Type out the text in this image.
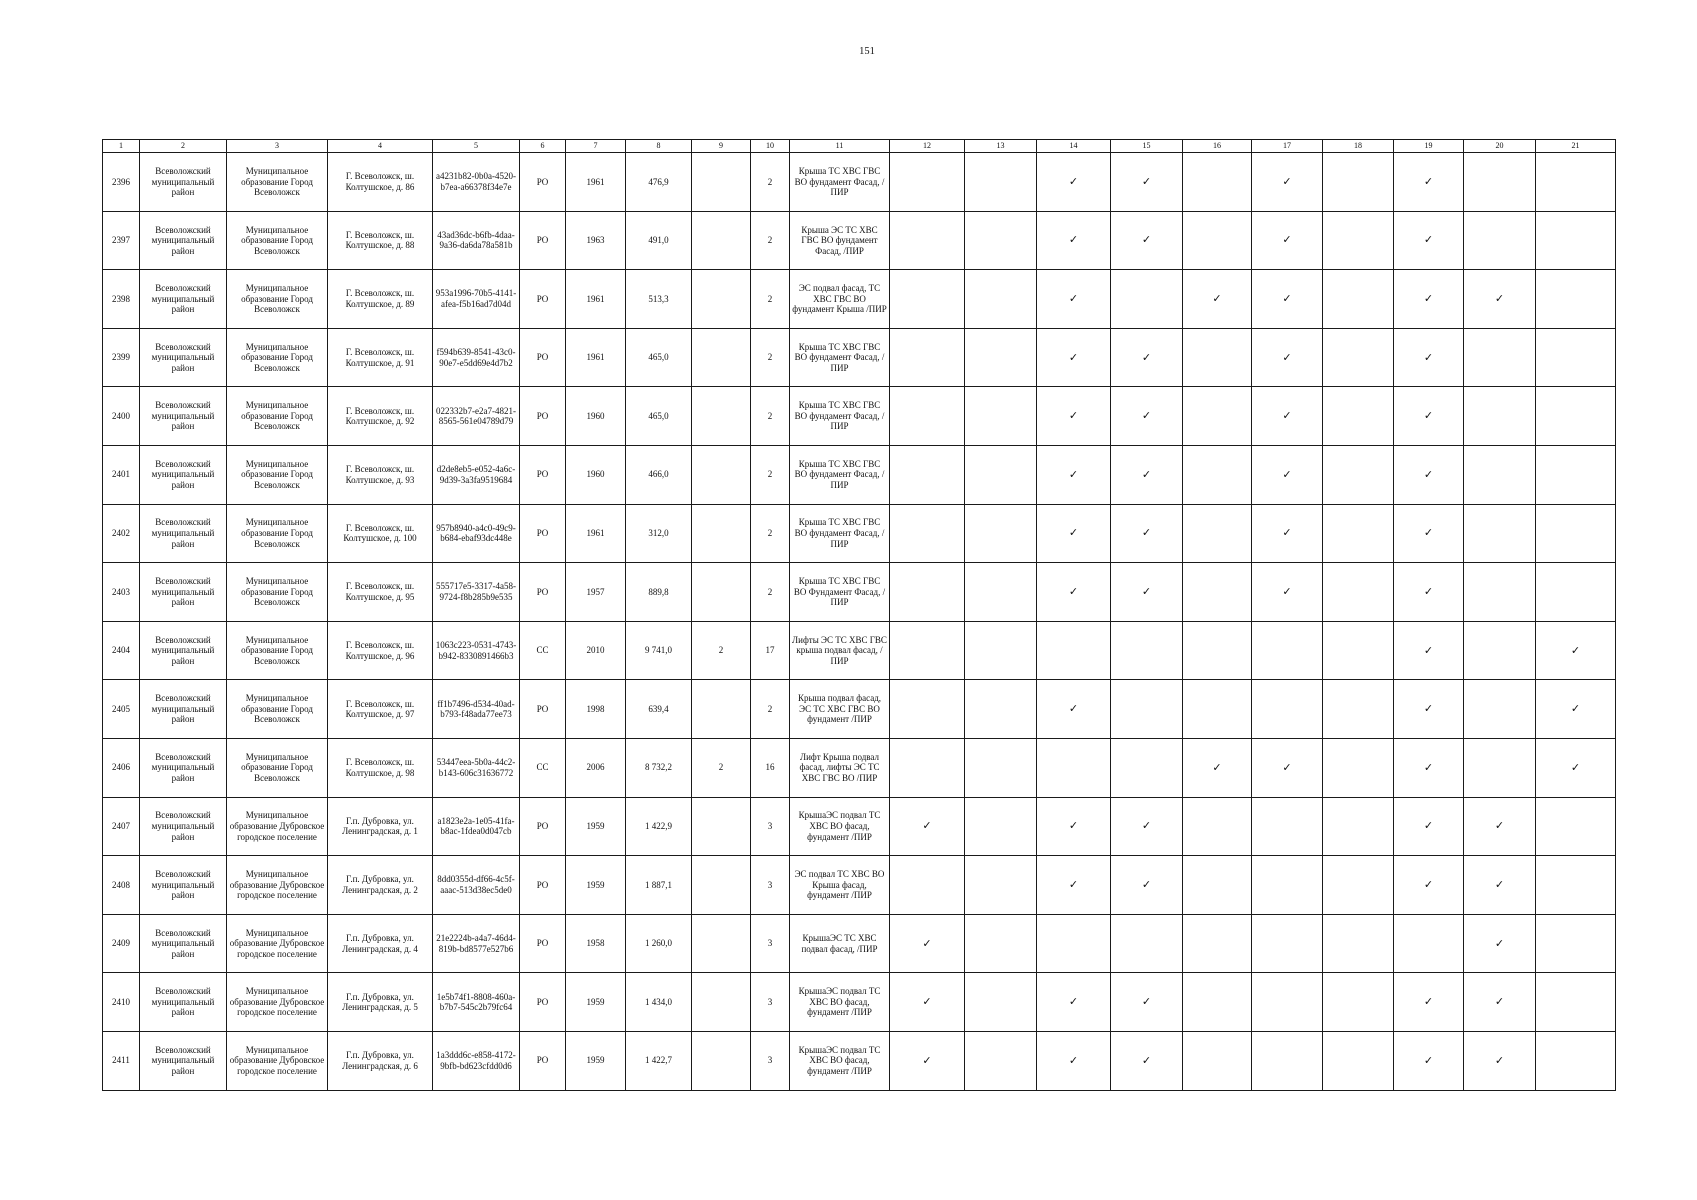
151
1	2	3	4	5	6	7	8	9	10	11	12	13	14	15	16	17	18	19	20	21
2396	Всеволожский муниципальный район	Муниципальное образование Город Всеволожск	Г. Всеволожск, ш. Колтушское, д. 86	a4231b82-0b0a-4520-b7ea-a66378f34e7e	РО	1961	476,9		2	Крыша ТС ХВС ГВС ВО фундамент Фасад, /ПИР			✓	✓		✓		✓		
2397	Всеволожский муниципальный район	Муниципальное образование Город Всеволожск	Г. Всеволожск, ш. Колтушское, д. 88	43ad36dc-b6fb-4daa-9a36-da6da78a581b	РО	1963	491,0		2	Крыша ЭС ТС ХВС ГВС ВО фундамент Фасад, /ПИР			✓	✓		✓		✓		
2398	Всеволожский муниципальный район	Муниципальное образование Город Всеволожск	Г. Всеволожск, ш. Колтушское, д. 89	953a1996-70b5-4141-afea-f5b16ad7d04d	РО	1961	513,3		2	ЭС подвал фасад, ТС ХВС ГВС ВО фундамент Крыша /ПИР			✓		✓	✓		✓	✓	
2399	Всеволожский муниципальный район	Муниципальное образование Город Всеволожск	Г. Всеволожск, ш. Колтушское, д. 91	f594b639-8541-43c0-90e7-e5dd69e4d7b2	РО	1961	465,0		2	Крыша ТС ХВС ГВС ВО фундамент Фасад, /ПИР			✓	✓		✓		✓		
2400	Всеволожский муниципальный район	Муниципальное образование Город Всеволожск	Г. Всеволожск, ш. Колтушское, д. 92	022332b7-e2a7-4821-8565-561e04789d79	РО	1960	465,0		2	Крыша ТС ХВС ГВС ВО фундамент Фасад, /ПИР			✓	✓		✓		✓		
2401	Всеволожский муниципальный район	Муниципальное образование Город Всеволожск	Г. Всеволожск, ш. Колтушское, д. 93	d2de8eb5-e052-4a6c-9d39-3a3fa9519684	РО	1960	466,0		2	Крыша ТС ХВС ГВС ВО фундамент Фасад, /ПИР			✓	✓		✓		✓		
2402	Всеволожский муниципальный район	Муниципальное образование Город Всеволожск	Г. Всеволожск, ш. Колтушское, д. 100	957b8940-a4c0-49c9-b684-ebaf93dc448e	РО	1961	312,0		2	Крыша ТС ХВС ГВС ВО фундамент Фасад, /ПИР			✓	✓		✓		✓		
2403	Всеволожский муниципальный район	Муниципальное образование Город Всеволожск	Г. Всеволожск, ш. Колтушское, д. 95	555717e5-3317-4a58-9724-f8b285b9e535	РО	1957	889,8		2	Крыша ТС ХВС ГВС ВО Фундамент Фасад, /ПИР			✓	✓		✓		✓		
2404	Всеволожский муниципальный район	Муниципальное образование Город Всеволожск	Г. Всеволожск, ш. Колтушское, д. 96	1063c223-0531-4743-b942-8330891466b3	СС	2010	9 741,0	2	17	Лифты ЭС ТС ХВС ГВС крыша подвал фасад, /ПИР								✓		✓
2405	Всеволожский муниципальный район	Муниципальное образование Город Всеволожск	Г. Всеволожск, ш. Колтушское, д. 97	ff1b7496-d534-40ad-b793-f48ada77ee73	РО	1998	639,4		2	Крыша подвал фасад, ЭС ТС ХВС ГВС ВО фундамент /ПИР			✓					✓		✓
2406	Всеволожский муниципальный район	Муниципальное образование Город Всеволожск	Г. Всеволожск, ш. Колтушское, д. 98	53447eea-5b0a-44c2-b143-606c31636772	СС	2006	8 732,2	2	16	Лифт Крыша подвал фасад, лифты ЭС ТС ХВС ГВС ВО /ПИР					✓	✓		✓		✓
2407	Всеволожский муниципальный район	Муниципальное образование Дубровское городское поселение	Г.п. Дубровка, ул. Ленинградская, д. 1	a1823e2a-1e05-41fa-b8ac-1fdea0d047cb	РО	1959	1 422,9		3	КрышаЭС подвал ТС ХВС ВО фасад, фундамент /ПИР	✓		✓	✓				✓	✓	
2408	Всеволожский муниципальный район	Муниципальное образование Дубровское городское поселение	Г.п. Дубровка, ул. Ленинградская, д. 2	8dd0355d-df66-4c5f-aaac-513d38ec5de0	РО	1959	1 887,1		3	ЭС подвал ТС ХВС ВО Крыша фасад, фундамент /ПИР			✓	✓				✓	✓	
2409	Всеволожский муниципальный район	Муниципальное образование Дубровское городское поселение	Г.п. Дубровка, ул. Ленинградская, д. 4	21e2224b-a4a7-46d4-819b-bd8577e527b6	РО	1958	1 260,0		3	КрышаЭС ТС ХВС подвал фасад, /ПИР	✓								✓	
2410	Всеволожский муниципальный район	Муниципальное образование Дубровское городское поселение	Г.п. Дубровка, ул. Ленинградская, д. 5	1e5b74f1-8808-460a-b7b7-545c2b79fc64	РО	1959	1 434,0		3	КрышаЭС подвал ТС ХВС ВО фасад, фундамент /ПИР	✓		✓	✓				✓	✓	
2411	Всеволожский муниципальный район	Муниципальное образование Дубровское городское поселение	Г.п. Дубровка, ул. Ленинградская, д. 6	1a3ddd6c-e858-4172-9bfb-bd623cfdd0d6	РО	1959	1 422,7		3	КрышаЭС подвал ТС ХВС ВО фасад, фундамент /ПИР	✓		✓	✓				✓	✓	
